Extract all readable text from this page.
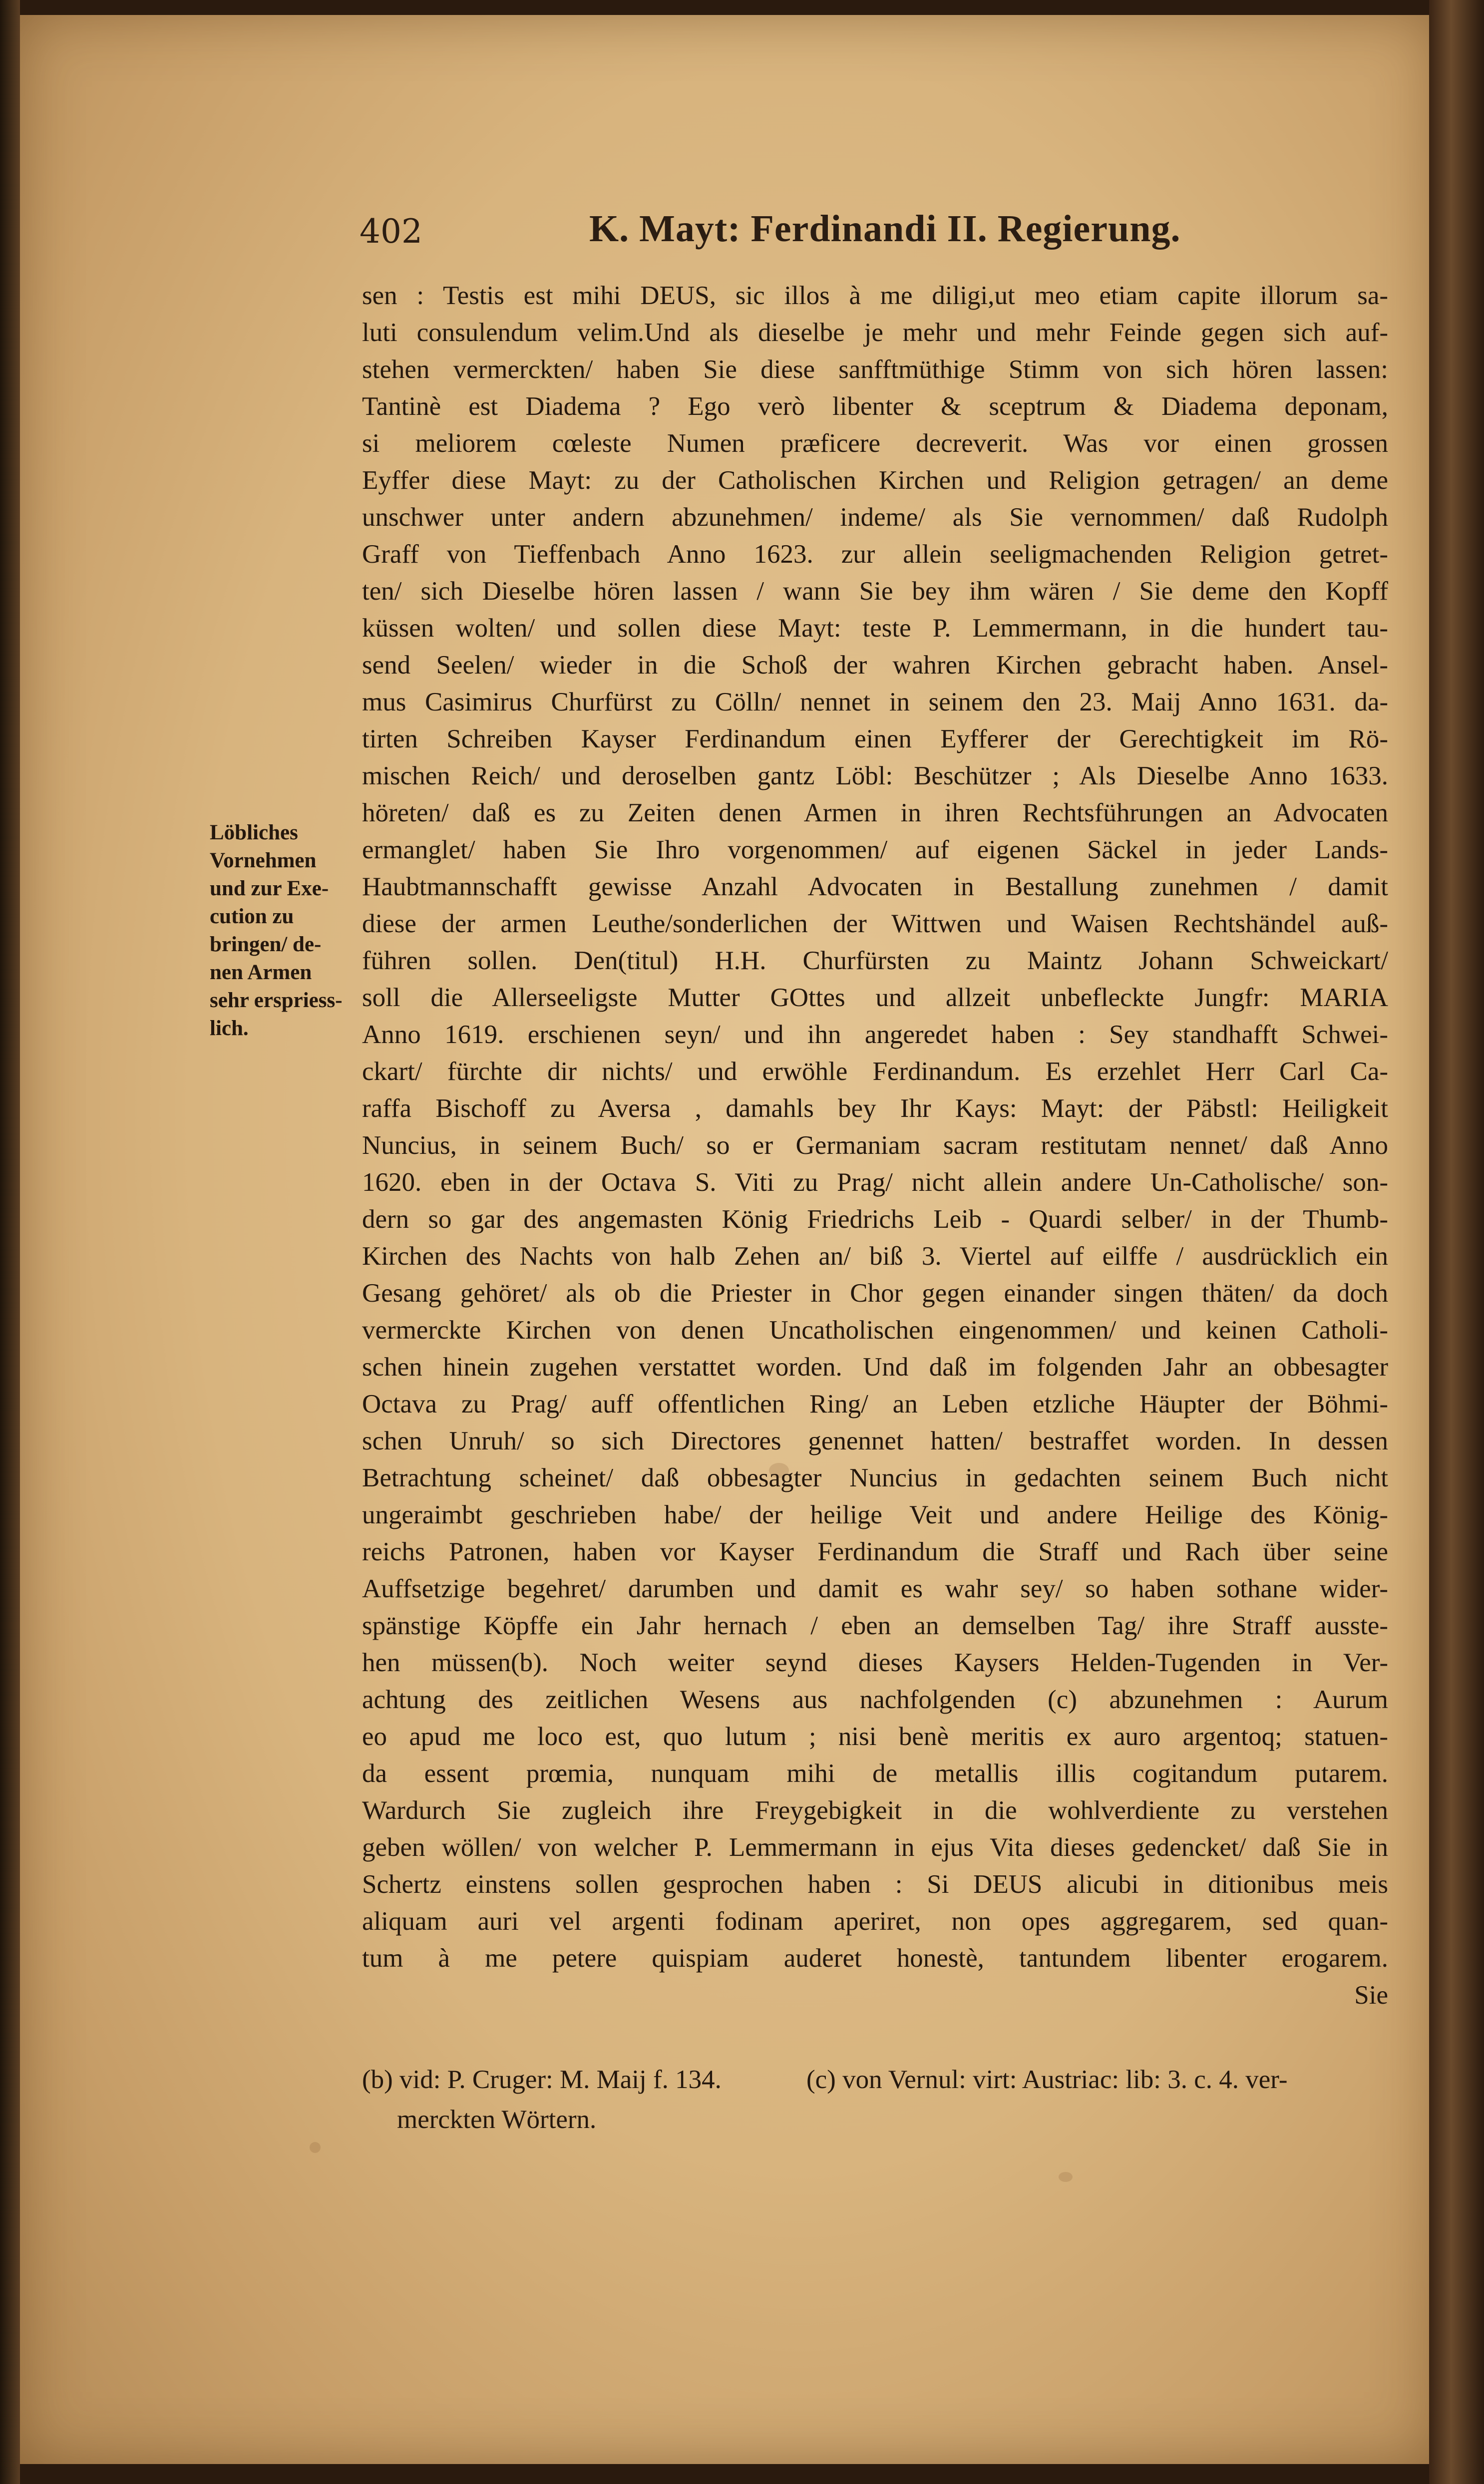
402	K. Mayt: Ferdinandi II. Regierung.
Löbliches
Vornehmen
und zur Exe-
cution zu
bringen/ de-
nen Armen
sehr erspriess-
lich.
sen : Testis est mihi DEUS, sic illos à me diligi,ut meo etiam capite illorum sa-
luti consulendum velim.Und als dieselbe je mehr und mehr Feinde gegen sich auf-
stehen vermerckten/ haben Sie diese sanfftmüthige Stimm von sich hören lassen:
Tantinè est Diadema ? Ego verò libenter & sceptrum & Diadema deponam,
si meliorem cœleste Numen præficere decreverit. Was vor einen grossen
Eyffer diese Mayt: zu der Catholischen Kirchen und Religion getragen/ an deme
unschwer unter andern abzunehmen/ indeme/ als Sie vernommen/ daß Rudolph
Graff von Tieffenbach Anno 1623. zur allein seeligmachenden Religion getret-
ten/ sich Dieselbe hören lassen / wann Sie bey ihm wären / Sie deme den Kopff
küssen wolten/ und sollen diese Mayt: teste P. Lemmermann, in die hundert tau-
send Seelen/ wieder in die Schoß der wahren Kirchen gebracht haben. Ansel-
mus Casimirus Churfürst zu Cölln/ nennet in seinem den 23. Maij Anno 1631. da-
tirten Schreiben Kayser Ferdinandum einen Eyfferer der Gerechtigkeit im Rö-
mischen Reich/ und deroselben gantz Löbl: Beschützer ; Als Dieselbe Anno 1633.
höreten/ daß es zu Zeiten denen Armen in ihren Rechtsführungen an Advocaten
ermanglet/ haben Sie Ihro vorgenommen/ auf eigenen Säckel in jeder Lands-
Haubtmannschafft gewisse Anzahl Advocaten in Bestallung zunehmen / damit
diese der armen Leuthe/sonderlichen der Wittwen und Waisen Rechtshändel auß-
führen sollen. Den(titul) H.H. Churfürsten zu Maintz Johann Schweickart/
soll die Allerseeligste Mutter GOttes und allzeit unbefleckte Jungfr: MARIA
Anno 1619. erschienen seyn/ und ihn angeredet haben : Sey standhafft Schwei-
ckart/ fürchte dir nichts/ und erwöhle Ferdinandum. Es erzehlet Herr Carl Ca-
raffa Bischoff zu Aversa , damahls bey Ihr Kays: Mayt: der Päbstl: Heiligkeit
Nuncius, in seinem Buch/ so er Germaniam sacram restitutam nennet/ daß Anno
1620. eben in der Octava S. Viti zu Prag/ nicht allein andere Un-Catholische/ son-
dern so gar des angemasten König Friedrichs Leib - Quardi selber/ in der Thumb-
Kirchen des Nachts von halb Zehen an/ biß 3. Viertel auf eilffe / ausdrücklich ein
Gesang gehöret/ als ob die Priester in Chor gegen einander singen thäten/ da doch
vermerckte Kirchen von denen Uncatholischen eingenommen/ und keinen Catholi-
schen hinein zugehen verstattet worden. Und daß im folgenden Jahr an obbesagter
Octava zu Prag/ auff offentlichen Ring/ an Leben etzliche Häupter der Böhmi-
schen Unruh/ so sich Directores genennet hatten/ bestraffet worden. In dessen
Betrachtung scheinet/ daß obbesagter Nuncius in gedachten seinem Buch nicht
ungeraimbt geschrieben habe/ der heilige Veit und andere Heilige des König-
reichs Patronen, haben vor Kayser Ferdinandum die Straff und Rach über seine
Auffsetzige begehret/ darumben und damit es wahr sey/ so haben sothane wider-
spänstige Köpffe ein Jahr hernach / eben an demselben Tag/ ihre Straff ausste-
hen müssen(b). Noch weiter seynd dieses Kaysers Helden-Tugenden in Ver-
achtung des zeitlichen Wesens aus nachfolgenden (c) abzunehmen : Aurum
eo apud me loco est, quo lutum ; nisi benè meritis ex auro argentoq; statuen-
da essent prœmia, nunquam mihi de metallis illis cogitandum putarem.
Wardurch Sie zugleich ihre Freygebigkeit in die wohlverdiente zu verstehen
geben wöllen/ von welcher P. Lemmermann in ejus Vita dieses gedencket/ daß Sie in
Schertz einstens sollen gesprochen haben : Si DEUS alicubi in ditionibus meis
aliquam auri vel argenti fodinam aperiret, non opes aggregarem, sed quan-
tum à me petere quispiam auderet honestè, tantundem libenter erogarem.
Sie
(b) vid: P. Cruger: M. Maij f. 134.	(c) von Vernul: virt: Austriac: lib: 3. c. 4. ver-
merckten Wörtern.
